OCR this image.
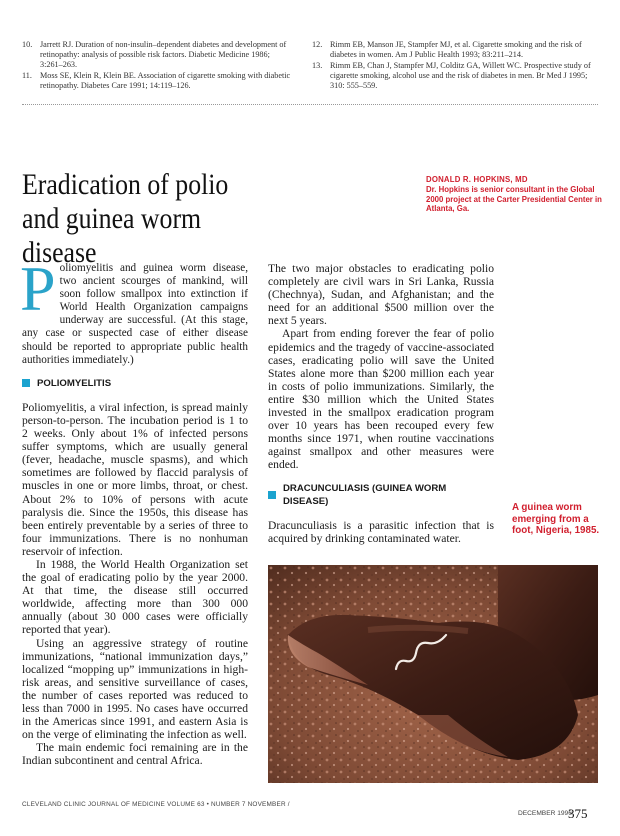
10. Jarrett RJ. Duration of non-insulin–dependent diabetes and development of retinopathy: analysis of possible risk factors. Diabetic Medicine 1986; 3:261–263.
11. Moss SE, Klein R, Klein BE. Association of cigarette smoking with diabetic retinopathy. Diabetes Care 1991; 14:119–126.
12. Rimm EB, Manson JE, Stampfer MJ, et al. Cigarette smoking and the risk of diabetes in women. Am J Public Health 1993; 83:211–214.
13. Rimm EB, Chan J, Stampfer MJ, Colditz GA, Willett WC. Prospective study of cigarette smoking, alcohol use and the risk of diabetes in men. Br Med J 1995; 310: 555–559.
Eradication of polio
and guinea worm disease
DONALD R. HOPKINS, MD
Dr. Hopkins is senior consultant in the Global 2000 project at the Carter Presidential Center in Atlanta, Ga.

Poliomyelitis and guinea worm disease, two ancient scourges of mankind, will soon follow smallpox into extinction if World Health Organization campaigns underway are successful. (At this stage, any case or suspected case of either disease should be reported to appropriate public health authorities immediately.)

POLIOMYELITIS

Poliomyelitis, a viral infection, is spread mainly person-to-person. The incubation period is 1 to 2 weeks. Only about 1% of infected persons suffer symptoms, which are usually general (fever, headache, muscle spasms), and which sometimes are followed by flaccid paralysis of muscles in one or more limbs, throat, or chest. About 2% to 10% of persons with acute paralysis die. Since the 1950s, this disease has been entirely preventable by a series of three to four immunizations. There is no nonhuman reservoir of infection.

In 1988, the World Health Organization set the goal of eradicating polio by the year 2000. At that time, the disease still occurred worldwide, affecting more than 300 000 annually (about 30 000 cases were officially reported that year).

Using an aggressive strategy of routine immunizations, “national immunization days,” localized “mopping up” immunizations in high-risk areas, and sensitive surveillance of cases, the number of cases reported was reduced to less than 7000 in 1995. No cases have occurred in the Americas since 1991, and eastern Asia is on the verge of eliminating the infection as well.

The main endemic foci remaining are in the Indian subcontinent and central Africa.

The two major obstacles to eradicating polio completely are civil wars in Sri Lanka, Russia (Chechnya), Sudan, and Afghanistan; and the need for an additional $500 million over the next 5 years.

Apart from ending forever the fear of polio epidemics and the tragedy of vaccine-associated cases, eradicating polio will save the United States alone more than $200 million each year in costs of polio immunizations. Similarly, the entire $30 million which the United States invested in the smallpox eradication program over 10 years has been recouped every few months since 1971, when routine vaccinations against smallpox and other measures were ended.

DRACUNCULIASIS (GUINEA WORM DISEASE)

Dracunculiasis is a parasitic infection that is acquired by drinking contaminated water.

A guinea worm emerging from a foot, Nigeria, 1985.
CLEVELAND CLINIC JOURNAL OF MEDICINE VOLUME 63 • NUMBER 7 NOVEMBER /
DECEMBER 1996
375
